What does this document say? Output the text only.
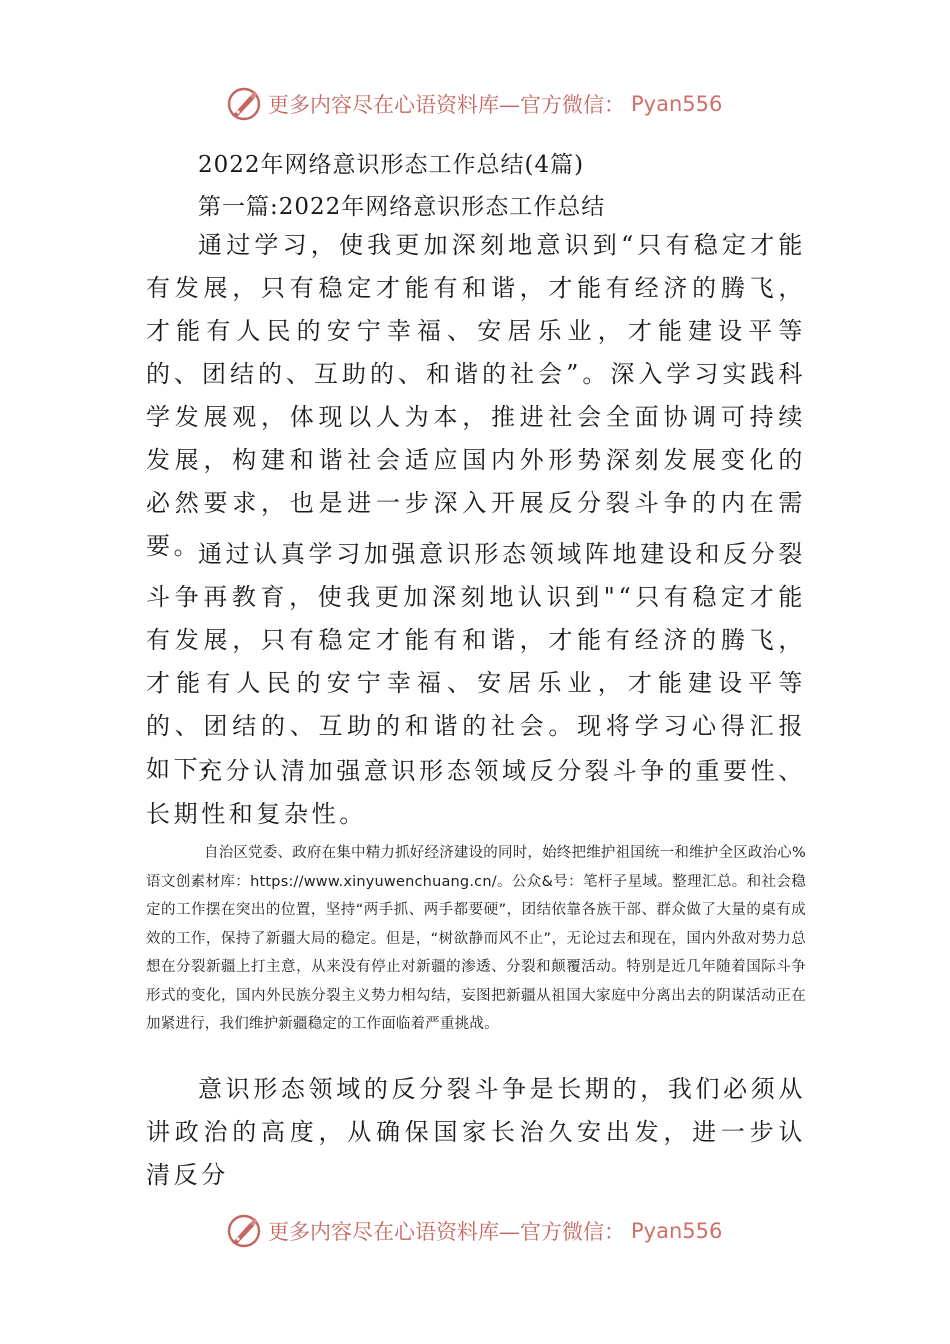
更多内容尽在心语资料库—官方微信： Pyan556
2022年网络意识形态工作总结(4篇)
第一篇:2022年网络意识形态工作总结

通过学习，使我更加深刻地意识到“只有稳定才能有发展，只有稳定才能有和谐，才能有经济的腾飞，才能有人民的安宁幸福、安居乐业，才能建设平等的、团结的、互助的、和谐的社会”。深入学习实践科学发展观，体现以人为本，推进社会全面协调可持续发展，构建和谐社会适应国内外形势深刻发展变化的必然要求，也是进一步深入开展反分裂斗争的内在需要。

通过认真学习加强意识形态领域阵地建设和反分裂斗争再教育，使我更加深刻地认识到"“只有稳定才能有发展，只有稳定才能有和谐，才能有经济的腾飞，才能有人民的安宁幸福、安居乐业，才能建设平等的、团结的、互助的和谐的社会。现将学习心得汇报如下:

充分认清加强意识形态领域反分裂斗争的重要性、长期性和复杂性。

自治区党委、政府在集中精力抓好经济建设的同时，始终把维护祖国统一和维护全区政治心%语文创素材库：https://www.xinyuwenchuang.cn/。公众&号：笔杆子星域。整理汇总。和社会稳定的工作摆在突出的位置，坚持“两手抓、两手都要硬”，团结依靠各族干部、群众做了大量的桌有成效的工作，保持了新疆大局的稳定。但是，“树欲静而风不止”，无论过去和现在，国内外敌对势力总想在分裂新疆上打主意，从来没有停止对新疆的渗透、分裂和颠覆活动。特别是近几年随着国际斗争形式的变化，国内外民族分裂主义势力相勾结，妄图把新疆从祖国大家庭中分离出去的阴谋活动正在加紧进行，我们维护新疆稳定的工作面临着严重挑战。

意识形态领域的反分裂斗争是长期的，我们必须从讲政治的高度，从确保国家长治久安出发，进一步认清反分

更多内容尽在心语资料库—官方微信： Pyan556
